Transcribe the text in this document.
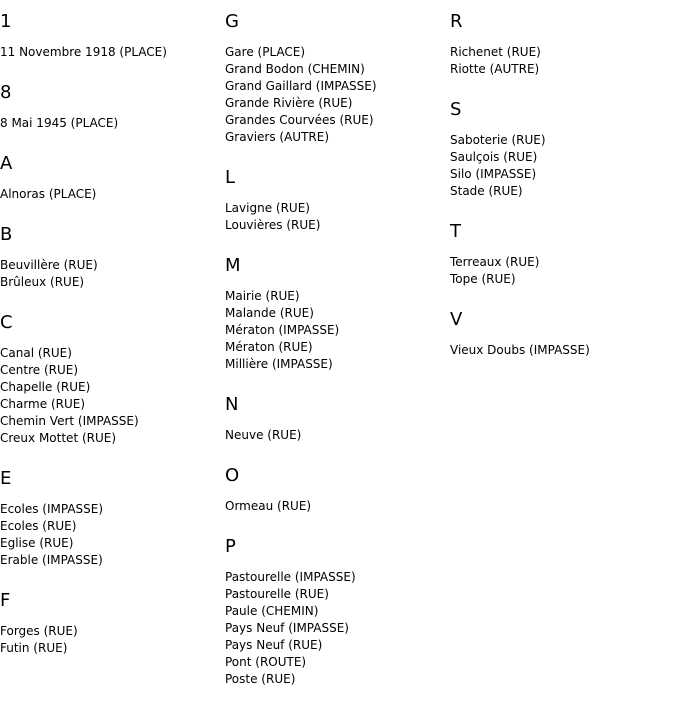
1
11 Novembre 1918 (PLACE)
8
8 Mai 1945 (PLACE)
A
Alnoras (PLACE)
B
Beuvillère (RUE)
Brûleux (RUE)
C
Canal (RUE)
Centre (RUE)
Chapelle (RUE)
Charme (RUE)
Chemin Vert (IMPASSE)
Creux Mottet (RUE)
E
Ecoles (IMPASSE)
Ecoles (RUE)
Eglise (RUE)
Erable (IMPASSE)
F
Forges (RUE)
Futin (RUE)
G
Gare (PLACE)
Grand Bodon (CHEMIN)
Grand Gaillard (IMPASSE)
Grande Rivière (RUE)
Grandes Courvées (RUE)
Graviers (AUTRE)
L
Lavigne (RUE)
Louvières (RUE)
M
Mairie (RUE)
Malande (RUE)
Mératon (IMPASSE)
Mératon (RUE)
Millière (IMPASSE)
N
Neuve (RUE)
O
Ormeau (RUE)
P
Pastourelle (IMPASSE)
Pastourelle (RUE)
Paule (CHEMIN)
Pays Neuf (IMPASSE)
Pays Neuf (RUE)
Pont (ROUTE)
Poste (RUE)
R
Richenet (RUE)
Riotte (AUTRE)
S
Saboterie (RUE)
Saulçois (RUE)
Silo (IMPASSE)
Stade (RUE)
T
Terreaux (RUE)
Tope (RUE)
V
Vieux Doubs (IMPASSE)
